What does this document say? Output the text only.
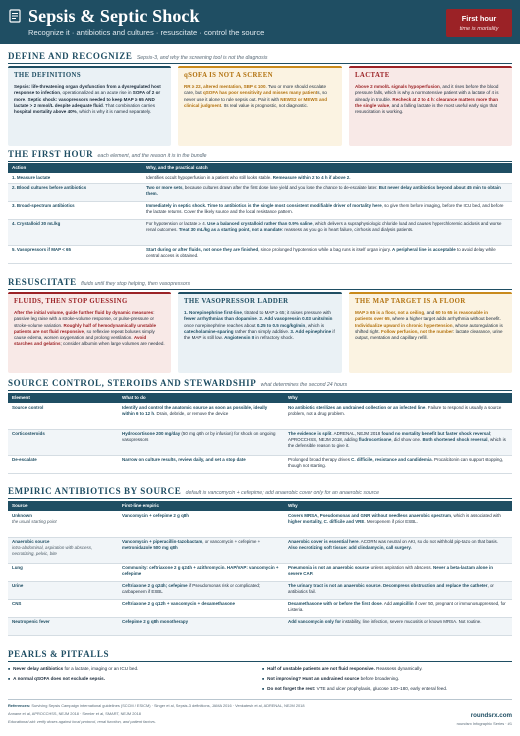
Sepsis & Septic Shock
Recognize it · antibiotics and cultures · resuscitate · control the source
First hour
time is mortality
DEFINE AND RECOGNIZE Sepsis-3, and why the screening tool is not the diagnosis
THE DEFINITIONS
Sepsis: life-threatening organ dysfunction from a dysregulated host response to infection, operationalized as an acute rise in SOFA of 2 or more. Septic shock: vasopressors needed to keep MAP ≥ 65 AND lactate > 2 mmol/L despite adequate fluid. That combination carries hospital mortality above 40%, which is why it is named separately.
qSOFA IS NOT A SCREEN
RR ≥ 22, altered mentation, SBP ≤ 100. Two or more should escalate care, but qSOFA has poor sensitivity and misses many patients, so never use it alone to rule sepsis out. Pair it with NEWS2 or MEWS and clinical judgment. Its real value is prognostic, not diagnostic.
LACTATE
Above 2 mmol/L signals hypoperfusion, and it rises before the blood pressure falls, which is why a normotensive patient with a lactate of 4 is already in trouble. Recheck at 2 to 4 h: clearance matters more than the single value, and a falling lactate is the most useful early sign that resuscitation is working.
THE FIRST HOUR each element, and the reason it is in the bundle
Action	Why, and the practical catch
1. Measure lactate	Identifies occult hypoperfusion in a patient who still looks stable. Remeasure within 2 to 4 h if above 2.
2. Blood cultures before antibiotics	Two or more sets, because cultures drawn after the first dose lose yield and you lose the chance to de-escalate later. But never delay antibiotics beyond about 45 min to obtain them.
3. Broad-spectrum antibiotics	Immediately in septic shock. Time to antibiotics is the single most consistent modifiable driver of mortality here, so give them before imaging, before the ICU bed, and before the lactate returns. Cover the likely source and the local resistance pattern.
4. Crystalloid 30 mL/kg	For hypotension or lactate ≥ 4. Use a balanced crystalloid rather than 0.9% saline, which delivers a supraphysiologic chloride load and causes hyperchloremic acidosis and worse renal outcomes. Treat 30 mL/kg as a starting point, not a mandate: reassess as you go in heart failure, cirrhosis and dialysis patients.
5. Vasopressors if MAP < 65	Start during or after fluids, not once they are finished, since prolonged hypotension while a bag runs is itself organ injury. A peripheral line is acceptable to avoid delay while central access is obtained.
RESUSCITATE fluids until they stop helping, then vasopressors
FLUIDS, THEN STOP GUESSING
After the initial volume, guide further fluid by dynamic measures: passive leg raise with a stroke-volume response, or pulse-pressure or stroke-volume variation. Roughly half of hemodynamically unstable patients are not fluid responsive, so reflexive repeat boluses simply cause edema, worsen oxygenation and prolong ventilation. Avoid starches and gelatins; consider albumin when large volumes are needed.
THE VASOPRESSOR LADDER
1. Norepinephrine first-line, titrated to MAP ≥ 65; it raises pressure with fewer arrhythmias than dopamine. 2. Add vasopressin 0.03 units/min once norepinephrine reaches about 0.25 to 0.5 mcg/kg/min, which is catecholamine-sparing rather than simply additive. 3. Add epinephrine if the MAP is still low. Angiotensin II in refractory shock.
THE MAP TARGET IS A FLOOR
MAP ≥ 65 is a floor, not a ceiling, and 60 to 65 is reasonable in patients over 65, where a higher target adds arrhythmia without benefit. Individualize upward in chronic hypertension, whose autoregulation is shifted right. Follow perfusion, not the number: lactate clearance, urine output, mentation and capillary refill.
SOURCE CONTROL, STEROIDS AND STEWARDSHIP what determines the second 24 hours
Element	What to do	Why
Source control	Identify and control the anatomic source as soon as possible, ideally within 6 to 12 h. Drain, debride, or remove the device	No antibiotic sterilizes an undrained collection or an infected line. Failure to respond is usually a source problem, not a drug problem.
Corticosteroids	Hydrocortisone 200 mg/day (50 mg q6h or by infusion) for shock on ongoing vasopressors	The evidence is split. ADRENAL, NEJM 2018 found no mortality benefit but faster shock reversal; APROCCHSS, NEJM 2018, adding fludrocortisone, did show one. Both shortened shock reversal, which is the defensible reason to give it.
De-escalate	Narrow on culture results, review daily, and set a stop date	Prolonged broad therapy drives C. difficile, resistance and candidemia. Procalcitonin can support stopping, though not starting.
EMPIRIC ANTIBIOTICS BY SOURCE default is vancomycin + cefepime; add anaerobic cover only for an anaerobic source
Source	First-line empiric	Why
Unknown
the usual starting point	Vancomycin + cefepime 2 g q8h	Covers MRSA, Pseudomonas and GNR without needless anaerobic spectrum, which is associated with higher mortality, C. difficile and VRE. Meropenem if prior ESBL.
Anaerobic source
intra-abdominal, aspiration with abscess, necrotizing, pelvic, bite	Vancomycin + piperacillin-tazobactam, or vancomycin + cefepime + metronidazole 500 mg q8h	Anaerobic cover is essential here. ACORN was neutral on AKI, so do not withhold pip-tazo on that basis. Also necrotizing soft tissue: add clindamycin, call surgery.
Lung	Community: ceftriaxone 2 g q24h + azithromycin. HAP/VAP: vancomycin + cefepime	Pneumonia is not an anaerobic source unless aspiration with abscess. Never a beta-lactam alone in severe CAP.
Urine	Ceftriaxone 2 g q24h; cefepime if Pseudomonas risk or complicated; carbapenem if ESBL	The urinary tract is not an anaerobic source. Decompress obstruction and replace the catheter, or antibiotics fail.
CNS	Ceftriaxone 2 g q12h + vancomycin + dexamethasone	Dexamethasone with or before the first dose. Add ampicillin if over 50, pregnant or immunosuppressed, for Listeria.
Neutropenic fever	Cefepime 2 g q8h monotherapy	Add vancomycin only for instability, line infection, severe mucositis or known MRSA. Not routine.
PEARLS & PITFALLS
■ Never delay antibiotics for a lactate, imaging or an ICU bed.
■ A normal qSOFA does not exclude sepsis.
■ Half of unstable patients are not fluid responsive. Reassess dynamically.
■ Not improving? Hunt an undrained source before broadening.
■ Do not forget the rest: VTE and ulcer prophylaxis, glucose 140–180, early enteral feed.
References: Surviving Sepsis Campaign international guidelines (SCCM / ESICM) · Singer et al, Sepsis-3 definitions, JAMA 2016 · Venkatesh et al, ADRENAL, NEJM 2018
Annane et al, APROCCHSS, NEJM 2018 · Semler et al, SMART, NEJM 2018
Educational aid: verify doses against local protocol, renal function, and patient factors.
roundsrx.com
roundsrx Infographic Series · #1
